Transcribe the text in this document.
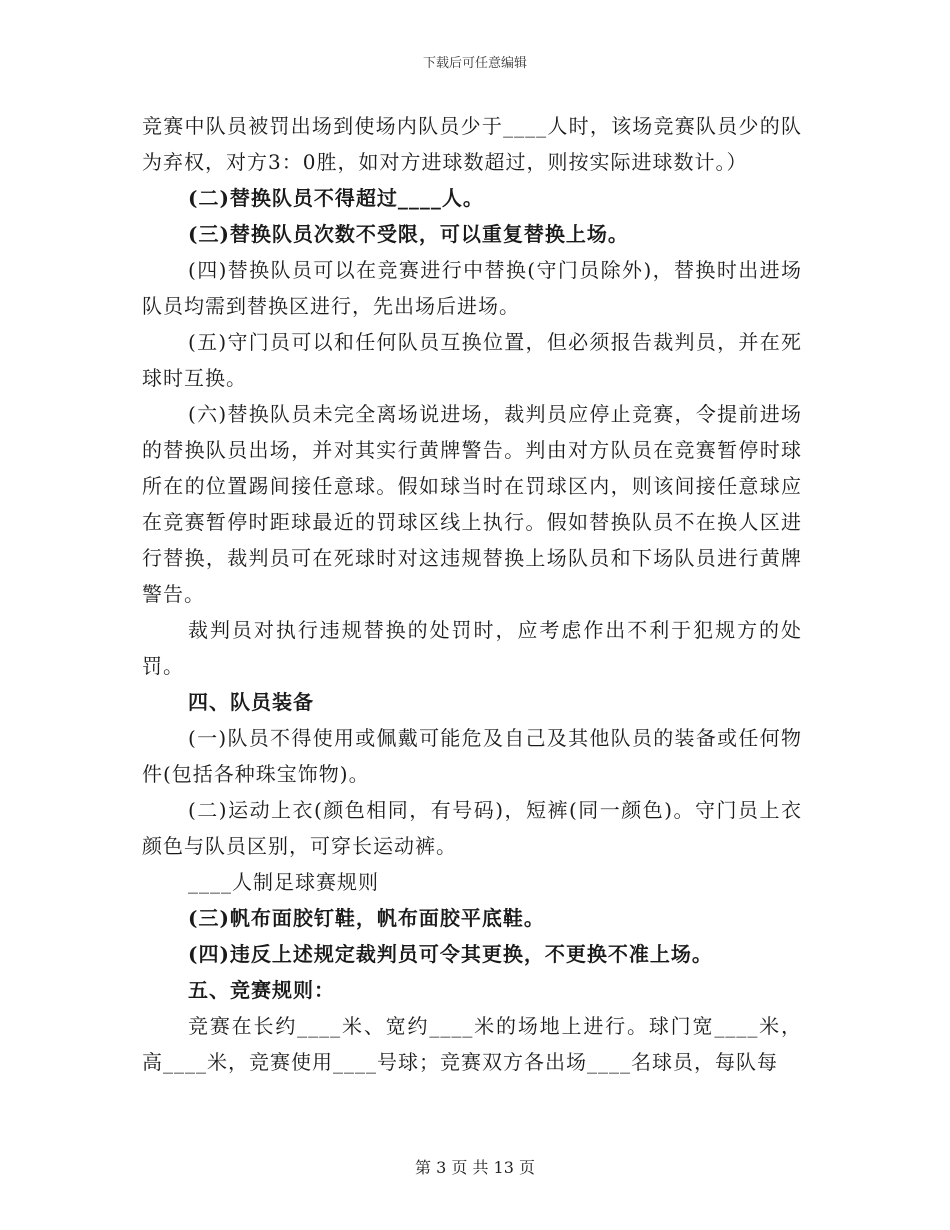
下载后可任意编辑

竞赛中队员被罚出场到使场内队员少于____人时，该场竞赛队员少的队为弃权，对方3：0胜，如对方进球数超过，则按实际进球数计。）

(二)替换队员不得超过____人。

(三)替换队员次数不受限，可以重复替换上场。

(四)替换队员可以在竞赛进行中替换(守门员除外)，替换时出进场队员均需到替换区进行，先出场后进场。

(五)守门员可以和任何队员互换位置，但必须报告裁判员，并在死球时互换。

(六)替换队员未完全离场说进场，裁判员应停止竞赛，令提前进场的替换队员出场，并对其实行黄牌警告。判由对方队员在竞赛暂停时球所在的位置踢间接任意球。假如球当时在罚球区内，则该间接任意球应在竞赛暂停时距球最近的罚球区线上执行。假如替换队员不在换人区进行替换，裁判员可在死球时对这违规替换上场队员和下场队员进行黄牌警告。

裁判员对执行违规替换的处罚时，应考虑作出不利于犯规方的处罚。

四、队员装备

(一)队员不得使用或佩戴可能危及自己及其他队员的装备或任何物件(包括各种珠宝饰物)。

(二)运动上衣(颜色相同，有号码)，短裤(同一颜色)。守门员上衣颜色与队员区别，可穿长运动裤。

____人制足球赛规则

(三)帆布面胶钉鞋，帆布面胶平底鞋。

(四)违反上述规定裁判员可令其更换，不更换不准上场。

五、竞赛规则：

竞赛在长约____米、宽约____米的场地上进行。球门宽____米，高____米，竞赛使用____号球；竞赛双方各出场____名球员，每队每

第 3 页 共 13 页
